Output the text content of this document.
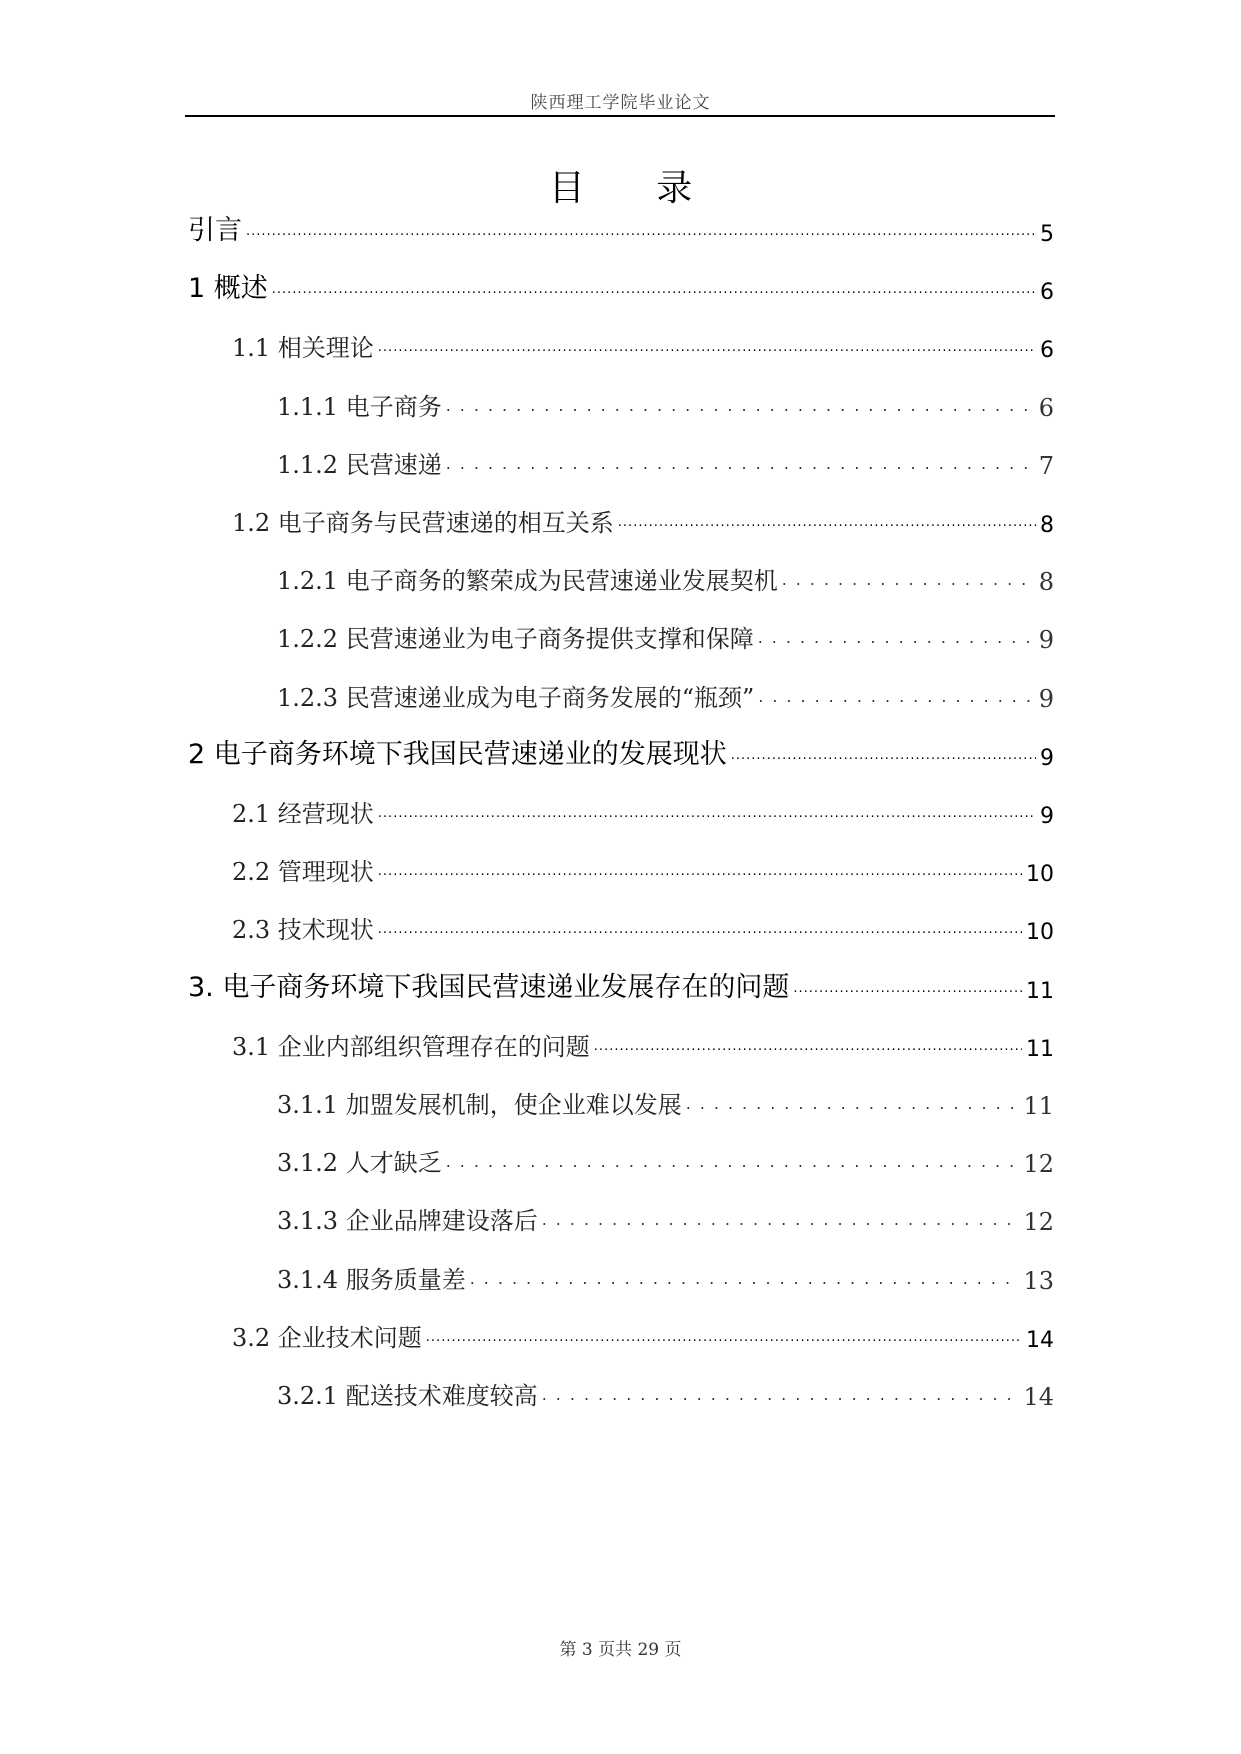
陕西理工学院毕业论文
目 录
引言 .....	5
1 概述 .....	6
1.1 相关理论 .....	6
1.1.1 电子商务 .....	6
1.1.2 民营速递 .....	7
1.2 电子商务与民营速递的相互关系 .....	8
1.2.1 电子商务的繁荣成为民营速递业发展契机 .....	8
1.2.2 民营速递业为电子商务提供支撑和保障 .....	9
1.2.3 民营速递业成为电子商务发展的“瓶颈” .....	9
2 电子商务环境下我国民营速递业的发展现状 .....	9
2.1 经营现状 .....	9
2.2 管理现状 .....	10
2.3 技术现状 .....	10
3. 电子商务环境下我国民营速递业发展存在的问题 .....	11
3.1 企业内部组织管理存在的问题 .....	11
3.1.1 加盟发展机制，使企业难以发展 .....	11
3.1.2 人才缺乏 .....	12
3.1.3 企业品牌建设落后 .....	12
3.1.4 服务质量差 .....	13
3.2 企业技术问题 .....	14
3.2.1 配送技术难度较高 .....	14
第 3 页共 29 页
